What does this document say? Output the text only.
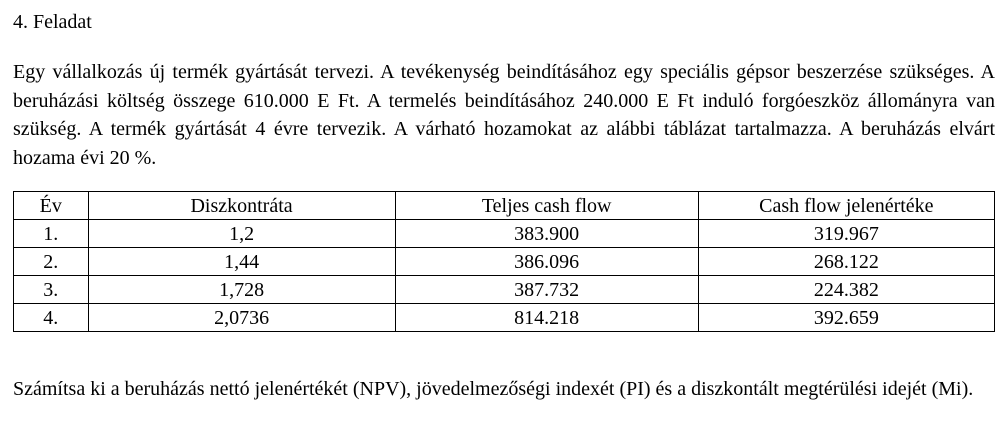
4. Feladat

Egy vállalkozás új termék gyártását tervezi. A tevékenység beindításához egy speciális gépsor beszerzése szükséges. A beruházási költség összege 610.000 E Ft. A termelés beindításához 240.000 E Ft induló forgóeszköz állományra van szükség. A termék gyártását 4 évre tervezik. A várható hozamokat az alábbi táblázat tartalmazza. A beruházás elvárt hozama évi 20 %.

Év	Diszkontráta	Teljes cash flow	Cash flow jelenértéke
1.	1,2	383.900	319.967
2.	1,44	386.096	268.122
3.	1,728	387.732	224.382
4.	2,0736	814.218	392.659

Számítsa ki a beruházás nettó jelenértékét (NPV), jövedelmezőségi indexét (PI) és a diszkontált megtérülési idejét (Mi).
